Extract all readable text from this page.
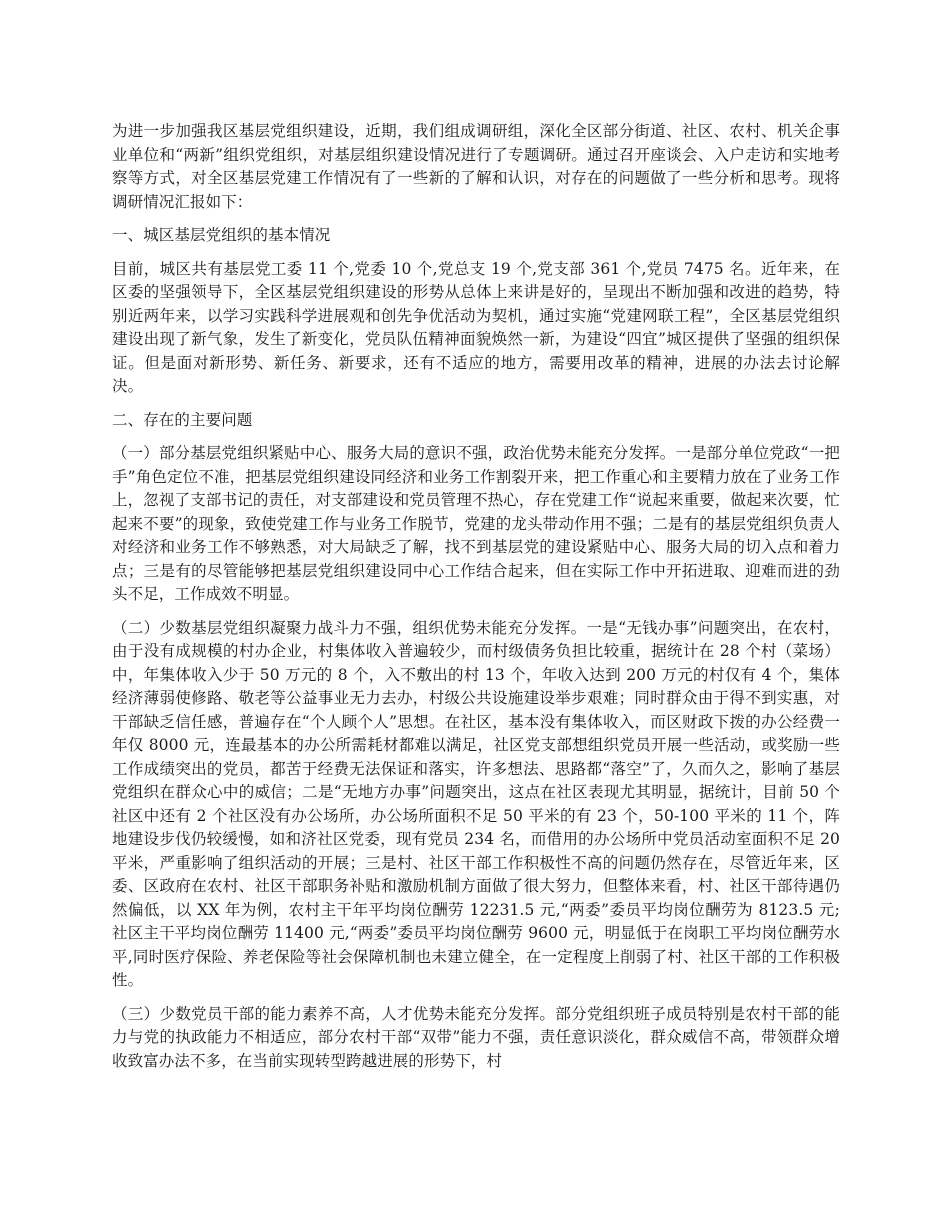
为进一步加强我区基层党组织建设，近期，我们组成调研组，深化全区部分街道、社区、农村、机关企事业单位和“两新”组织党组织，对基层组织建设情况进行了专题调研。通过召开座谈会、入户走访和实地考察等方式，对全区基层党建工作情况有了一些新的了解和认识，对存在的问题做了一些分析和思考。现将调研情况汇报如下：

一、城区基层党组织的基本情况

目前，城区共有基层党工委 11 个,党委 10 个,党总支 19 个,党支部 361 个,党员 7475 名。近年来，在区委的坚强领导下，全区基层党组织建设的形势从总体上来讲是好的，呈现出不断加强和改进的趋势，特别近两年来，以学习实践科学进展观和创先争优活动为契机，通过实施“党建网联工程”，全区基层党组织建设出现了新气象，发生了新变化，党员队伍精神面貌焕然一新，为建设“四宜”城区提供了坚强的组织保证。但是面对新形势、新任务、新要求，还有不适应的地方，需要用改革的精神，进展的办法去讨论解决。

二、存在的主要问题

（一）部分基层党组织紧贴中心、服务大局的意识不强，政治优势未能充分发挥。一是部分单位党政“一把手”角色定位不准，把基层党组织建设同经济和业务工作割裂开来，把工作重心和主要精力放在了业务工作上，忽视了支部书记的责任，对支部建设和党员管理不热心，存在党建工作“说起来重要，做起来次要，忙起来不要”的现象，致使党建工作与业务工作脱节，党建的龙头带动作用不强；二是有的基层党组织负责人对经济和业务工作不够熟悉，对大局缺乏了解，找不到基层党的建设紧贴中心、服务大局的切入点和着力点；三是有的尽管能够把基层党组织建设同中心工作结合起来，但在实际工作中开拓进取、迎难而进的劲头不足，工作成效不明显。

（二）少数基层党组织凝聚力战斗力不强，组织优势未能充分发挥。一是“无钱办事”问题突出，在农村，由于没有成规模的村办企业，村集体收入普遍较少，而村级债务负担比较重，据统计在 28 个村（菜场）中，年集体收入少于 50 万元的 8 个，入不敷出的村 13 个，年收入达到 200 万元的村仅有 4 个，集体经济薄弱使修路、敬老等公益事业无力去办，村级公共设施建设举步艰难；同时群众由于得不到实惠，对干部缺乏信任感，普遍存在“个人顾个人”思想。在社区，基本没有集体收入，而区财政下拨的办公经费一年仅 8000 元，连最基本的办公所需耗材都难以满足，社区党支部想组织党员开展一些活动，或奖励一些工作成绩突出的党员，都苦于经费无法保证和落实，许多想法、思路都“落空”了，久而久之，影响了基层党组织在群众心中的威信；二是“无地方办事”问题突出，这点在社区表现尤其明显，据统计，目前 50 个社区中还有 2 个社区没有办公场所，办公场所面积不足 50 平米的有 23 个，50-100 平米的 11 个，阵地建设步伐仍较缓慢，如和济社区党委，现有党员 234 名，而借用的办公场所中党员活动室面积不足 20 平米，严重影响了组织活动的开展；三是村、社区干部工作积极性不高的问题仍然存在，尽管近年来，区委、区政府在农村、社区干部职务补贴和激励机制方面做了很大努力，但整体来看，村、社区干部待遇仍然偏低，以 XX 年为例，农村主干年平均岗位酬劳 12231.5 元,“两委”委员平均岗位酬劳为 8123.5 元;社区主干平均岗位酬劳 11400 元,“两委”委员平均岗位酬劳 9600 元，明显低于在岗职工平均岗位酬劳水平,同时医疗保险、养老保险等社会保障机制也未建立健全，在一定程度上削弱了村、社区干部的工作积极性。

（三）少数党员干部的能力素养不高，人才优势未能充分发挥。部分党组织班子成员特别是农村干部的能力与党的执政能力不相适应，部分农村干部“双带”能力不强，责任意识淡化，群众威信不高，带领群众增收致富办法不多，在当前实现转型跨越进展的形势下，村
